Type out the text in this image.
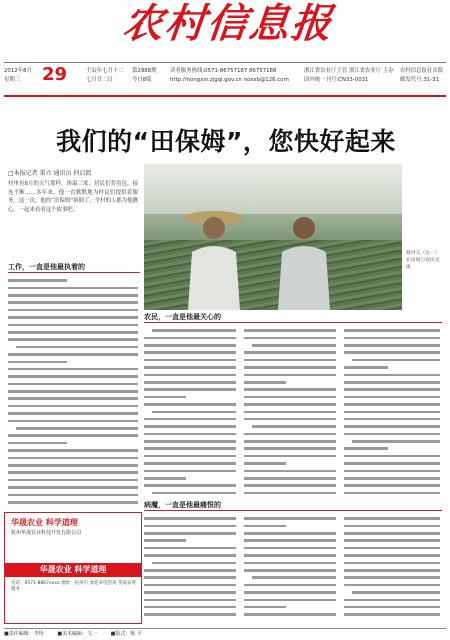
农村信息报
29
2012年8月
星期三
壬辰年七月十二
七月廿二日
第2988期
今日8版
读者服务热线:0571-86757187 86757188
http://nongxin.zjgqi.gov.cn noxxb@126.com
浙江省农业厅主管 浙江省农业厅 主办
国内统一刊号:CN33-0031
农村信息报社出版
邮发代号:31-31
我们的“田保姆”，您快好起来
□本报记者 董立 通讯员 何启凯
村里有8月的天气那样，体温三度，居民们背着包，接连不断……多年来，他一直默默地为村民们提供着服务。这一次，他的“田保姆”病倒了，全村的人都为他揪心。一起来看看这个故事吧。
工作，一直是他最执着的
蔡世义（左一）在田间与农民交流
农民，一直是他最关心的
病魔，一直是他最痛恨的
华晟农业 科学道理
杭州华晟农业科技开发有限公司
华晟农业 科学道理
电话：0571-8867xxxx 地址：杭州市 欢迎来电咨询 优质农资服务
■责任编辑：李艳	■美术编辑：文一	■版式：陈 平
